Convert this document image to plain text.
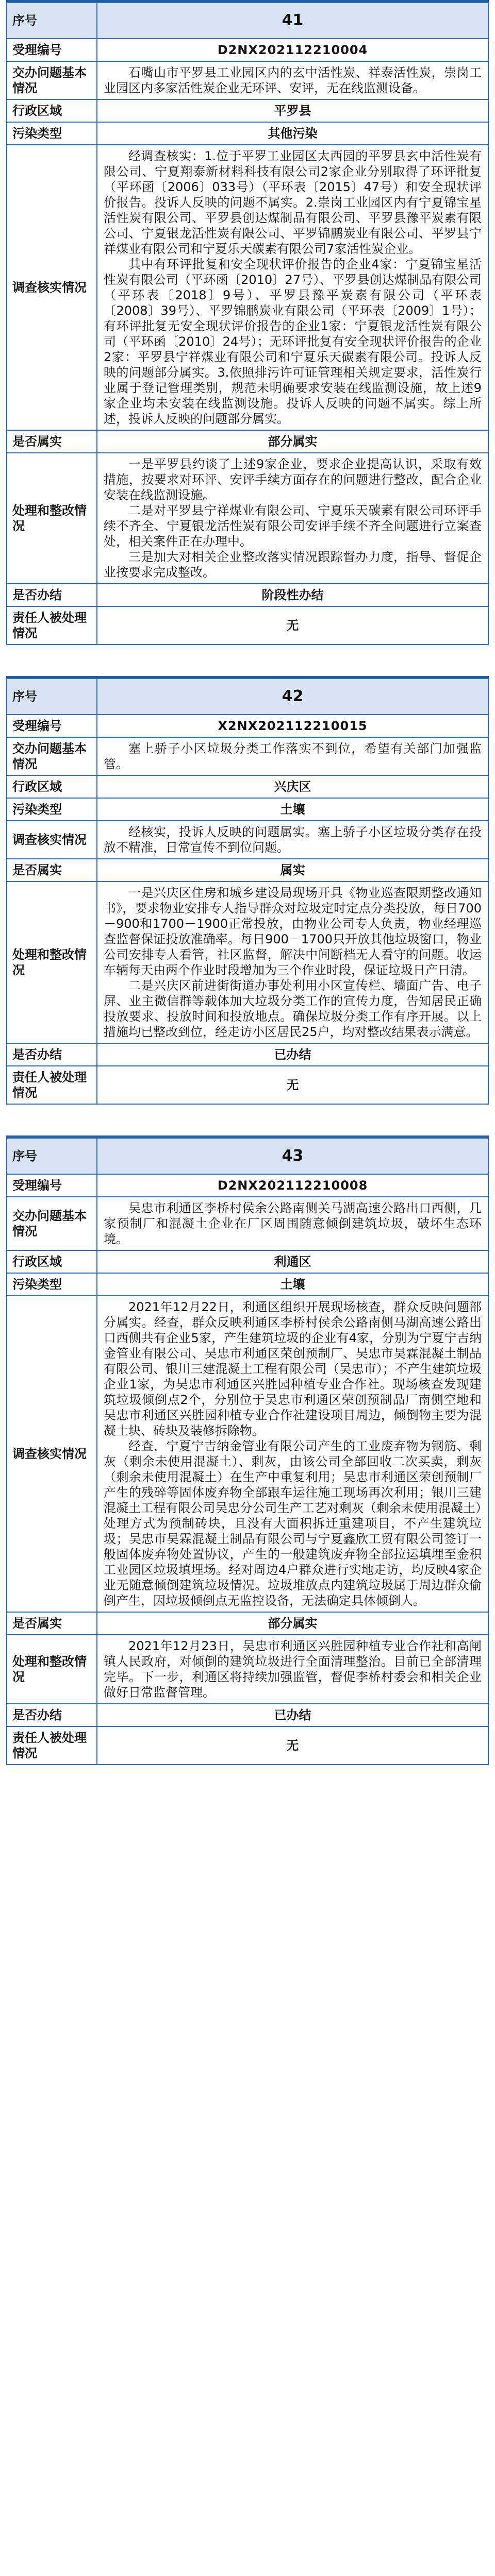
序号	41
受理编号	D2NX202112210004
交办问题基本情况	石嘴山市平罗县工业园区内的玄中活性炭、祥泰活性炭，崇岗工业园区内多家活性炭企业无环评、安评，无在线监测设备。
行政区域	平罗县
污染类型	其他污染
调查核实情况	经调查核实：1.位于平罗工业园区太西园的平罗县玄中活性炭有限公司、宁夏翔泰新材料科技有限公司2家企业分别取得了环评批复（平环函〔2006〕033号）（平环表〔2015〕47号）和安全现状评价报告。投诉人反映的问题不属实。2.崇岗工业园区内有宁夏锦宝星活性炭有限公司、平罗县创达煤制品有限公司、平罗县豫平炭素有限公司、宁夏银龙活性炭有限公司、平罗锦鹏炭业有限公司、平罗县宁祥煤业有限公司和宁夏乐天碳素有限公司7家活性炭企业。

其中有环评批复和安全现状评价报告的企业4家：宁夏锦宝星活性炭有限公司（平环函〔2010〕27号）、平罗县创达煤制品有限公司（平环表〔2018〕9号）、平罗县豫平炭素有限公司（平环表〔2008〕39号）、平罗锦鹏炭业有限公司（平环表〔2009〕1号）；有环评批复无安全现状评价报告的企业1家：宁夏银龙活性炭有限公司（平环函〔2010〕24号）；无环评批复有安全现状评价报告的企业2家：平罗县宁祥煤业有限公司和宁夏乐天碳素有限公司。投诉人反映的问题部分属实。3.依照排污许可证管理相关规定要求，活性炭行业属于登记管理类别，规范未明确要求安装在线监测设施，故上述9家企业均未安装在线监测设施。投诉人反映的问题不属实。综上所述，投诉人反映的问题部分属实。

是否属实	部分属实
处理和整改情况	一是平罗县约谈了上述9家企业，要求企业提高认识，采取有效措施，按要求对环评、安评手续方面存在的问题进行整改，配合企业安装在线监测设施。

二是对平罗县宁祥煤业有限公司、宁夏乐天碳素有限公司环评手续不齐全、宁夏银龙活性炭有限公司安评手续不齐全问题进行立案查处，相关案件正在办理中。

三是加大对相关企业整改落实情况跟踪督办力度，指导、督促企业按要求完成整改。

是否办结	阶段性办结
责任人被处理情况	无
序号	42
受理编号	X2NX202112210015
交办问题基本情况	塞上骄子小区垃圾分类工作落实不到位，希望有关部门加强监管。
行政区域	兴庆区
污染类型	土壤
调查核实情况	经核实，投诉人反映的问题属实。塞上骄子小区垃圾分类存在投放不精准，日常宣传不到位问题。

是否属实	属实
处理和整改情况	一是兴庆区住房和城乡建设局现场开具《物业巡查限期整改通知书》，要求物业安排专人指导群众对垃圾定时定点分类投放，每日700－900和1700－1900正常投放，由物业公司专人负责，物业经理巡查监督保证投放准确率。每日900－1700只开放其他垃圾窗口，物业公司安排专人看管，社区监督，解决中间断档无人看守的问题。收运车辆每天由两个作业时段增加为三个作业时段，保证垃圾日产日清。

二是兴庆区前进街街道办事处利用小区宣传栏、墙面广告、电子屏、业主微信群等载体加大垃圾分类工作的宣传力度，告知居民正确投放要求、投放时间和投放地点。确保垃圾分类工作有序开展。以上措施均已整改到位，经走访小区居民25户，均对整改结果表示满意。

是否办结	已办结
责任人被处理情况	无
序号	43
受理编号	D2NX202112210008
交办问题基本情况	吴忠市利通区李桥村侯余公路南侧关马湖高速公路出口西侧，几家预制厂和混凝土企业在厂区周围随意倾倒建筑垃圾，破坏生态环境。
行政区域	利通区
污染类型	土壤
调查核实情况	2021年12月22日，利通区组织开展现场核查，群众反映问题部分属实。经查，群众反映利通区李桥村侯余公路南侧马湖高速公路出口西侧共有企业5家，产生建筑垃圾的企业有4家，分别为宁夏宁吉纳金管业有限公司、吴忠市利通区荣创预制厂、吴忠市昊霖混凝土制品有限公司、银川三建混凝土工程有限公司（吴忠市）；不产生建筑垃圾企业1家，为吴忠市利通区兴胜园种植专业合作社。现场核查发现建筑垃圾倾倒点2个，分别位于吴忠市利通区荣创预制品厂南侧空地和吴忠市利通区兴胜园种植专业合作社建设项目周边，倾倒物主要为混凝土块、砖块及装修拆除物。

经查，宁夏宁吉纳金管业有限公司产生的工业废弃物为钢筋、剩灰（剩余未使用混凝土）、剩灰，由该公司全部回收二次买卖，剩灰（剩余未使用混凝土）在生产中重复利用；吴忠市利通区荣创预制厂产生的残碎等固体废弃物全部跟车运往施工现场再次利用；银川三建混凝土工程有限公司吴忠分公司生产工艺对剩灰（剩余未使用混凝土）处理方式为预制砖块，且没有大面积拆迁重建项目，不产生建筑垃圾；吴忠市昊霖混凝土制品有限公司与宁夏鑫欣工贸有限公司签订一般固体废弃物处置协议，产生的一般建筑废弃物全部拉运填埋至金积工业园区垃圾填埋场。经对周边4户群众进行实地走访，均反映4家企业无随意倾倒建筑垃圾情况。垃圾堆放点内建筑垃圾属于周边群众偷倒产生，因垃圾倾倒点无监控设备，无法确定具体倾倒人。

是否属实	部分属实
处理和整改情况	2021年12月23日，吴忠市利通区兴胜园种植专业合作社和高闸镇人民政府，对倾倒的建筑垃圾进行全面清理整治。目前已全部清理完毕。下一步，利通区将持续加强监管，督促李桥村委会和相关企业做好日常监督管理。

是否办结	已办结
责任人被处理情况	无
